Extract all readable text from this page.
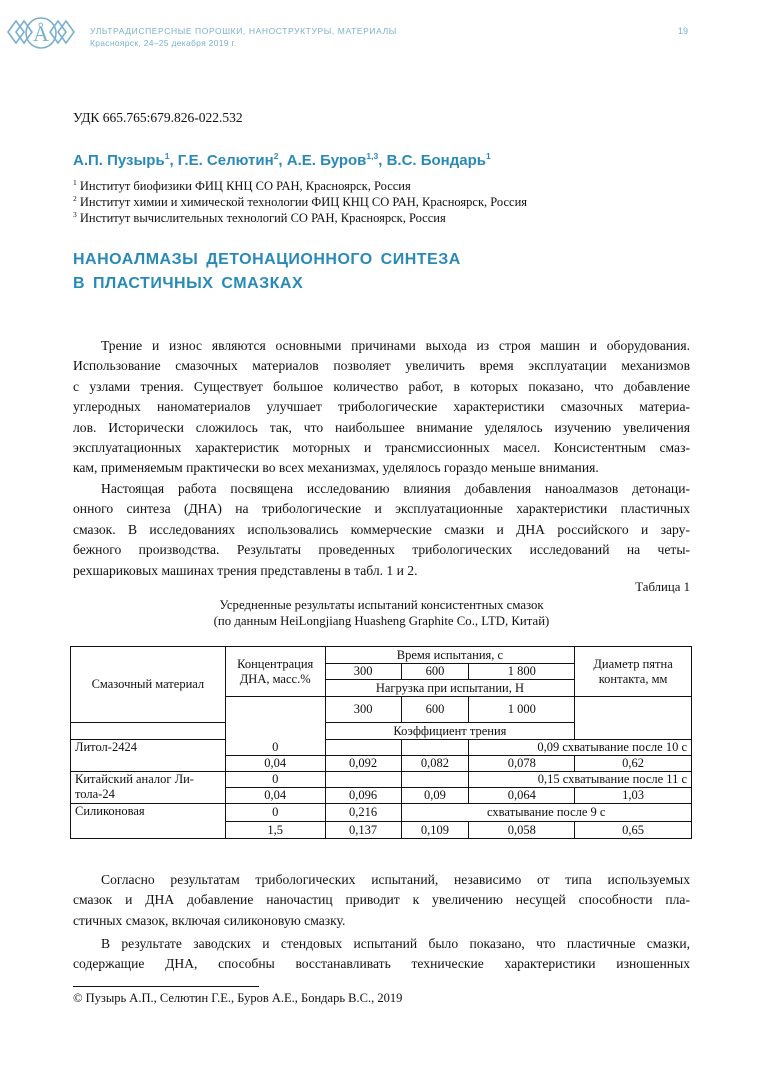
Å	УЛЬТРАДИСПЕРСНЫЕ ПОРОШКИ, НАНОСТРУКТУРЫ, МАТЕРИАЛЫ
Красноярск, 24–25 декабря 2019 г.
19
УДК 665.765:679.826-022.532
А.П. Пузырь$^1$, Г.Е. Селютин$^2$, А.Е. Буров$^{1,3}$, В.С. Бондарь$^1$
$^1$ Институт биофизики ФИЦ КНЦ СО РАН, Красноярск, Россия
$^2$ Институт химии и химической технологии ФИЦ КНЦ СО РАН, Красноярск, Россия
$^3$ Институт вычислительных технологий СО РАН, Красноярск, Россия
НАНОАЛМАЗЫ ДЕТОНАЦИОННОГО СИНТЕЗА
В ПЛАСТИЧНЫХ СМАЗКАХ
Трение и износ являются основными причинами выхода из строя машин и оборудования.
Использование смазочных материалов позволяет увеличить время эксплуатации механизмов
с узлами трения. Существует большое количество работ, в которых показано, что добавление
углеродных наноматериалов улучшает трибологические характеристики смазочных материа-
лов. Исторически сложилось так, что наибольшее внимание уделялось изучению увеличения
эксплуатационных характеристик моторных и трансмиссионных масел. Консистентным смаз-
кам, применяемым практически во всех механизмах, уделялось гораздо меньше внимания.
Настоящая работа посвящена исследованию влияния добавления наноалмазов детонаци-
онного синтеза (ДНА) на трибологические и эксплуатационные характеристики пластичных
смазок. В исследованиях использовались коммерческие смазки и ДНА российского и зару-
бежного производства. Результаты проведенных трибологических исследований на четы-
рехшариковых машинах трения представлены в табл. 1 и 2.
Таблица 1
Усредненные результаты испытаний консистентных смазок
(по данным HeiLongjiang Huasheng Graphite Co., LTD, Китай)
Смазочный материал	Концентрация
ДНА, масс.%	Время испытания, с			Диаметр пятна
контакта, мм
		300	600	1 800	
		Нагрузка при испытании, Н			
		300	600	1 000	
		Коэффициент трения			
Литол-2424	0			0,09 схватывание после 10 с	
	0,04	0,092	0,082	0,078	0,62
Китайский аналог Ли-
тола-24	0			0,15 схватывание после 11 с	
	0,04	0,096	0,09	0,064	1,03
Силиконовая	0	0,216	схватывание после 9 с		
	1,5	0,137	0,109	0,058	0,65
Согласно результатам трибологических испытаний, независимо от типа используемых
смазок и ДНА добавление наночастиц приводит к увеличению несущей способности пла-
стичных смазок, включая силиконовую смазку.
В результате заводских и стендовых испытаний было показано, что пластичные смазки,
содержащие ДНА, способны восстанавливать технические характеристики изношенных
© Пузырь А.П., Селютин Г.Е., Буров А.Е., Бондарь В.С., 2019
